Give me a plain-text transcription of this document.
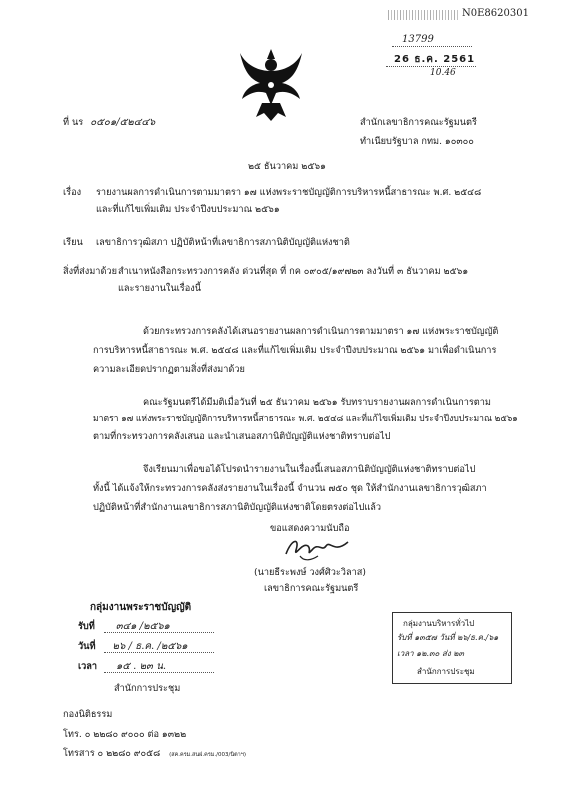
N0E8620301
13799
26 ธ.ค. 2561
10.46
ที่ นร ๐๕๐๑/๕๒๔๔๖	สำนักเลขาธิการคณะรัฐมนตรี
ทำเนียบรัฐบาล กทม. ๑๐๓๐๐
๒๕ ธันวาคม ๒๕๖๑
เรื่อง รายงานผลการดำเนินการตามมาตรา ๑๗ แห่งพระราชบัญญัติการบริหารหนี้สาธารณะ พ.ศ. ๒๕๔๘
และที่แก้ไขเพิ่มเติม ประจำปีงบประมาณ ๒๕๖๑
เรียน เลขาธิการวุฒิสภา ปฏิบัติหน้าที่เลขาธิการสภานิติบัญญัติแห่งชาติ
สิ่งที่ส่งมาด้วย สำเนาหนังสือกระทรวงการคลัง ด่วนที่สุด ที่ กค ๐๙๐๕/๑๙๗๒๓ ลงวันที่ ๓ ธันวาคม ๒๕๖๑
และรายงานในเรื่องนี้
ด้วยกระทรวงการคลังได้เสนอรายงานผลการดำเนินการตามมาตรา ๑๗ แห่งพระราชบัญญัติ
การบริหารหนี้สาธารณะ พ.ศ. ๒๕๔๘ และที่แก้ไขเพิ่มเติม ประจำปีงบประมาณ ๒๕๖๑ มาเพื่อดำเนินการ
ความละเอียดปรากฏตามสิ่งที่ส่งมาด้วย
คณะรัฐมนตรีได้มีมติเมื่อวันที่ ๒๕ ธันวาคม ๒๕๖๑ รับทราบรายงานผลการดำเนินการตาม
มาตรา ๑๗ แห่งพระราชบัญญัติการบริหารหนี้สาธารณะ พ.ศ. ๒๕๔๘ และที่แก้ไขเพิ่มเติม ประจำปีงบประมาณ ๒๕๖๑
ตามที่กระทรวงการคลังเสนอ และนำเสนอสภานิติบัญญัติแห่งชาติทราบต่อไป
จึงเรียนมาเพื่อขอได้โปรดนำรายงานในเรื่องนี้เสนอสภานิติบัญญัติแห่งชาติทราบต่อไป
ทั้งนี้ ได้แจ้งให้กระทรวงการคลังส่งรายงานในเรื่องนี้ จำนวน ๗๕๐ ชุด ให้สำนักงานเลขาธิการวุฒิสภา
ปฏิบัติหน้าที่สำนักงานเลขาธิการสภานิติบัญญัติแห่งชาติโดยตรงต่อไปแล้ว
ขอแสดงความนับถือ
(นายธีระพงษ์ วงศ์ศิวะวิลาส)
เลขาธิการคณะรัฐมนตรี
กลุ่มงานพระราชบัญญัติ
รับที่ ๓๔๑ /๒๕๖๑
วันที่ ๒๖ / ธ.ค. /๒๕๖๑
เวลา ๑๕ . ๒๓ น.
สำนักการประชุม
กลุ่มงานบริหารทั่วไป
รับที่ ๑๓๕๗ วันที่ ๒๖/ธ.ค./๖๑
เวลา ๑๒.๓๐ ส่ง ๒๓
สำนักการประชุม
กองนิติธรรม
โทร. ๐ ๒๒๘๐ ๙๐๐๐ ต่อ ๑๓๒๒
โทรสาร ๐ ๒๒๘๐ ๙๐๕๘ (สค.ครม.สนฝ.ครม./003/นิตาฯ)
